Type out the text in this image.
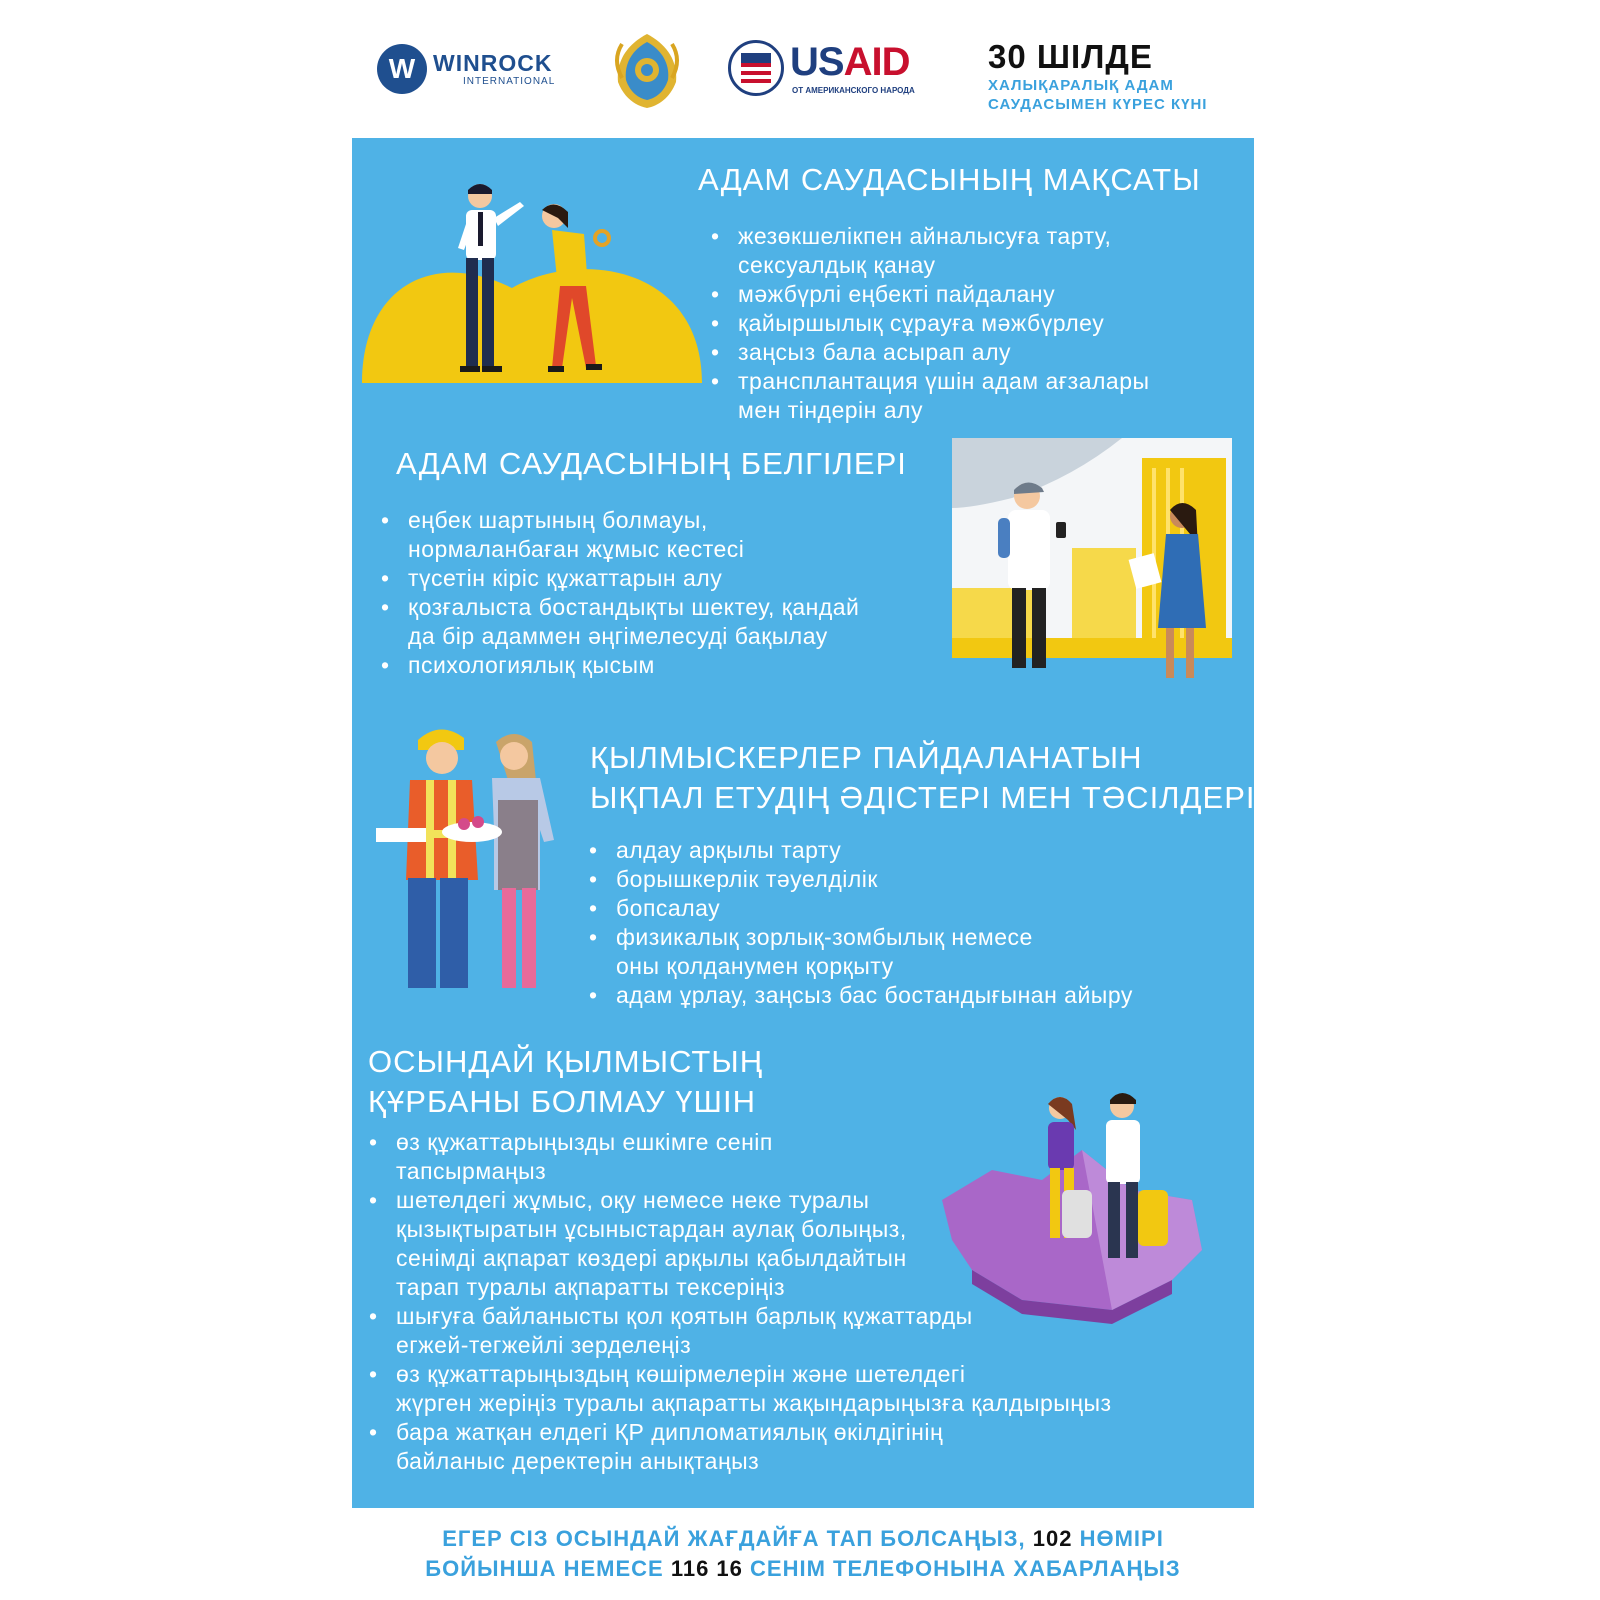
W WINROCK
INTERNATIONAL	USAID
ОТ АМЕРИКАНСКОГО НАРОДА
30 ШІЛДЕ
ХАЛЫҚАРАЛЫҚ АДАМ
САУДАСЫМЕН КҮРЕС КҮНІ
АДАМ САУДАСЫНЫҢ МАҚСАТЫ
• жезөкшелікпен айналысуға тарту,
сексуалдық қанау
• мәжбүрлі еңбекті пайдалану
• қайыршылық сұрауға мәжбүрлеу
• заңсыз бала асырап алу
• трансплантация үшін адам ағзалары
мен тіндерін алу
АДАМ САУДАСЫНЫҢ БЕЛГІЛЕРІ
• еңбек шартының болмауы,
нормаланбаған жұмыс кестесі
• түсетін кіріс құжаттарын алу
• қозғалыста бостандықты шектеу, қандай
да бір адаммен әңгімелесуді бақылау
• психологиялық қысым
ҚЫЛМЫСКЕРЛЕР ПАЙДАЛАНАТЫН
ЫҚПАЛ ЕТУДІҢ ӘДІСТЕРІ МЕН ТӘСІЛДЕРІ
• алдау арқылы тарту
• борышкерлік тәуелділік
• бопсалау
• физикалық зорлық-зомбылық немесе
оны қолданумен қорқыту
• адам ұрлау, заңсыз бас бостандығынан айыру
ОСЫНДАЙ ҚЫЛМЫСТЫҢ
ҚҰРБАНЫ БОЛМАУ ҮШІН
• өз құжаттарыңызды ешкімге сеніп
тапсырмаңыз
• шетелдегі жұмыс, оқу немесе неке туралы
қызықтыратын ұсыныстардан аулақ болыңыз,
сенімді ақпарат көздері арқылы қабылдайтын
тарап туралы ақпаратты тексеріңіз
• шығуға байланысты қол қоятын барлық құжаттарды
егжей-тегжейлі зерделеңіз
• өз құжаттарыңыздың көшірмелерін және шетелдегі
жүрген жеріңіз туралы ақпаратты жақындарыңызға қалдырыңыз
• бара жатқан елдегі ҚР дипломатиялық өкілдігінің
байланыс деректерін анықтаңыз
ЕГЕР СІЗ ОСЫНДАЙ ЖАҒДАЙҒА ТАП БОЛСАҢЫЗ, 102 НӨМІРІ
БОЙЫНША НЕМЕСЕ 116 16 СЕНІМ ТЕЛЕФОНЫНА ХАБАРЛАҢЫЗ
